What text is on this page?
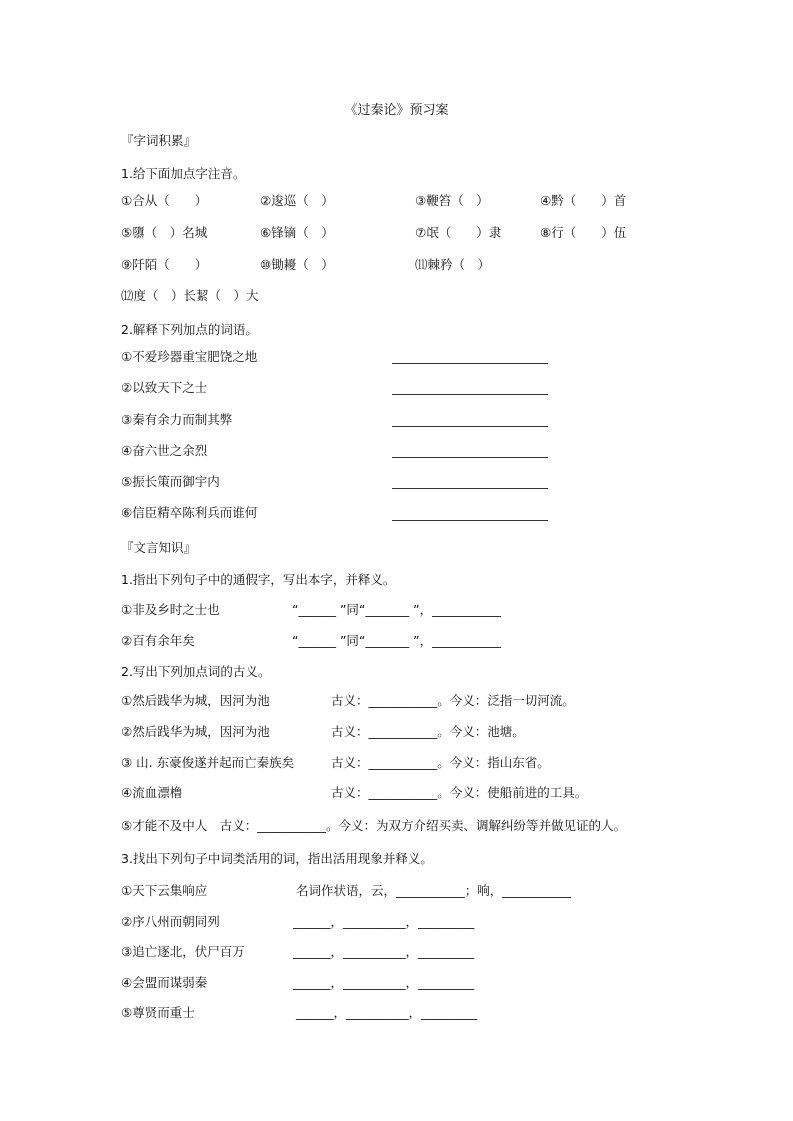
《过秦论》预习案
『字词积累』
1.给下面加点字注音。
①合从（　　）	②逡巡（　）	③鞭笞（　）	④黔（　　）首
⑤隳（　）名城	⑥锋镝（　）	⑦氓（　　）隶	⑧行（　　）伍
⑨阡陌（　　）	⑩锄耰（　）	⑾棘矜（　）
⑿度（　）长絜（　）大
2.解释下列加点的词语。
①不爱珍器重宝肥饶之地
②以致天下之士
③秦有余力而制其弊
④奋六世之余烈
⑤振长策而御宇内
⑥信臣精卒陈利兵而谁何
『文言知识』
1.指出下列句子中的通假字，写出本字，并释义。
①非及乡时之士也	“______ ”同“_______ ”，___________
②百有余年矣	“______ ”同“_______ ”，___________
2.写出下列加点词的古义。
①然后践华为城，因河为池	古义：___________。今义：泛指一切河流。
②然后践华为城，因河为池	古义：___________。今义：池塘。
③ 山. 东豪俊遂并起而亡秦族矣	古义：___________。今义：指山东省。
④流血漂橹	古义：___________。今义：使船前进的工具。
⑤才能不及中人　古义：___________。今义：为双方介绍买卖、调解纠纷等并做见证的人。
3.找出下列句子中词类活用的词，指出活用现象并释义。
①天下云集响应	名词作状语，云，___________；响，___________
②序八州而朝同列	______，__________，_________
③追亡逐北，伏尸百万	______，__________，_________
④会盟而谋弱秦	______，__________，_________
⑤尊贤而重士	______，__________，_________
